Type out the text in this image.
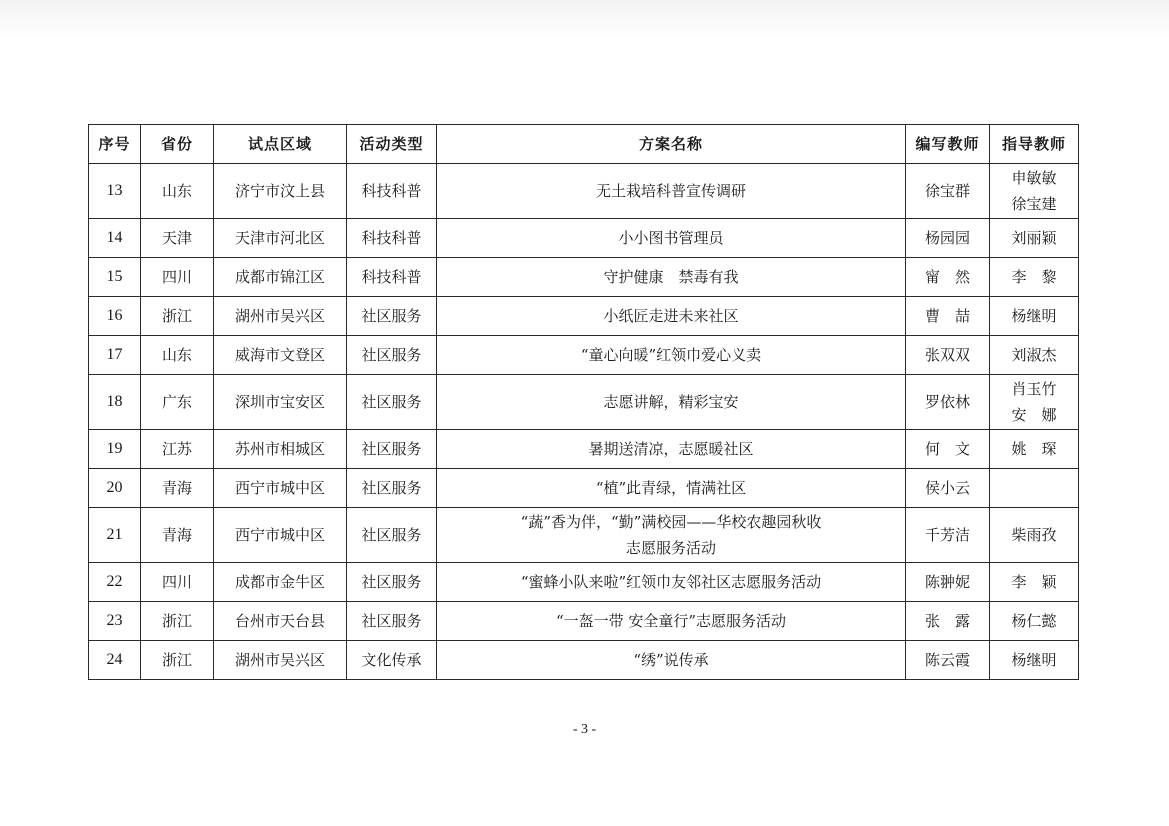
序号	省份	试点区域	活动类型	方案名称	编写教师	指导教师
13	山东	济宁市汶上县	科技科普	无土栽培科普宣传调研	徐宝群	申敏敏
徐宝建

14	天津	天津市河北区	科技科普	小小图书管理员	杨园园	刘丽颖

15	四川	成都市锦江区	科技科普	守护健康　禁毒有我	甯　然	李　黎

16	浙江	湖州市吴兴区	社区服务	小纸匠走进未来社区	曹　喆	杨继明

17	山东	威海市文登区	社区服务	“童心向暖”红领巾爱心义卖	张双双	刘淑杰

18	广东	深圳市宝安区	社区服务	志愿讲解，精彩宝安	罗依林	肖玉竹
安　娜

19	江苏	苏州市相城区	社区服务	暑期送清凉，志愿暖社区	何　文	姚　琛

20	青海	西宁市城中区	社区服务	“植”此青绿，情满社区	侯小云	
21	青海	西宁市城中区	社区服务	“蔬”香为伴，“勤”满校园——华校农趣园秋收
志愿服务活动	千芳洁	柴雨孜

22	四川	成都市金牛区	社区服务	“蜜蜂小队来啦”红领巾友邻社区志愿服务活动	陈翀妮	李　颖

23	浙江	台州市天台县	社区服务	“一盔一带 安全童行”志愿服务活动	张　露	杨仁懿

24	浙江	湖州市吴兴区	文化传承	“绣”说传承	陈云霞	杨继明
- 3 -
